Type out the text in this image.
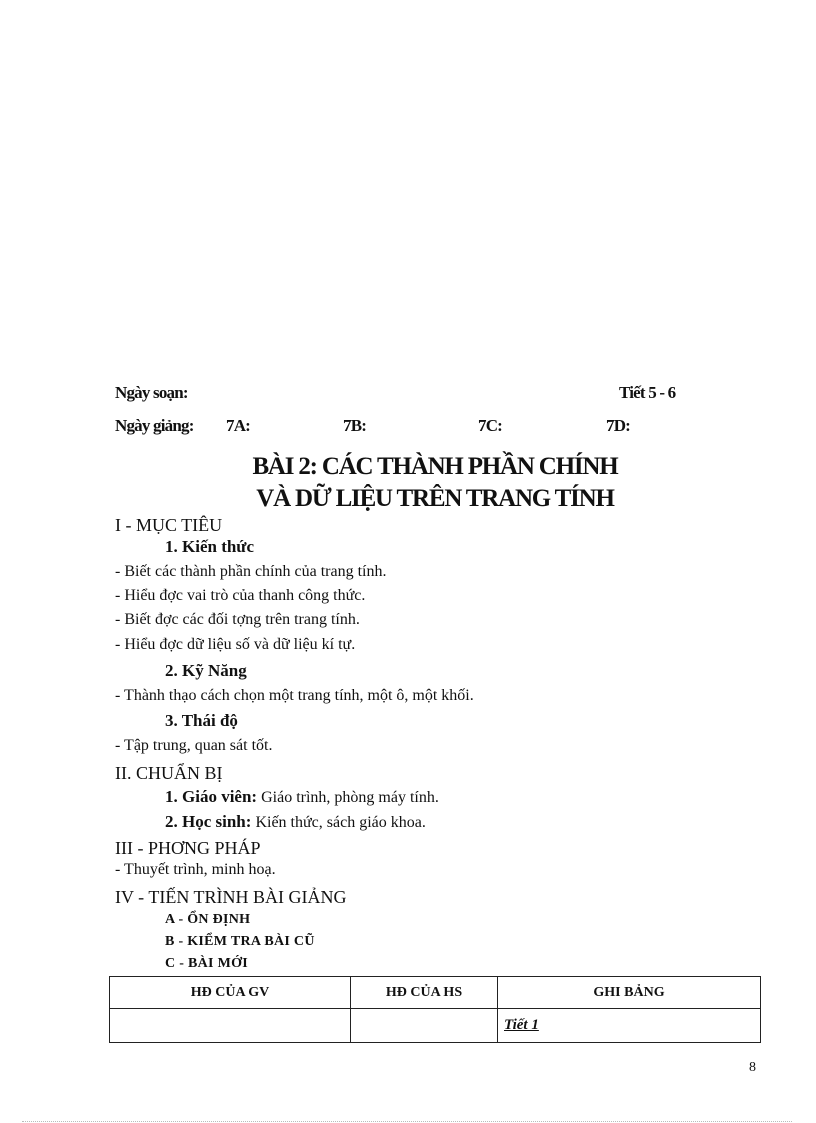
Ngày soạn:	Tiết 5 - 6
Ngày giảng: 7A:	7B:	7C:	7D:
BÀI 2: CÁC THÀNH PHẦN CHÍNH
VÀ DỮ LIỆU TRÊN TRANG TÍNH
I - MỤC TIÊU
1. Kiến thức
- Biết các thành phần chính của trang tính.
- Hiểu đợc vai trò của thanh công thức.
- Biết đợc các đối tợng trên trang tính.
- Hiểu đợc dữ liệu số và dữ liệu kí tự.
2. Kỹ Năng
- Thành thạo cách chọn một trang tính, một ô, một khối.
3. Thái độ
- Tập trung, quan sát tốt.
II. CHUẨN BỊ
1. Giáo viên: Giáo trình, phòng máy tính.
2. Học sinh: Kiến thức, sách giáo khoa.
III - PHƠNG PHÁP
- Thuyết trình, minh hoạ.
IV - TIẾN TRÌNH BÀI GIẢNG
A - ỔN ĐỊNH
B - KIỂM TRA BÀI CŨ
C - BÀI MỚI
HĐ CỦA GV	HĐ CỦA HS	GHI BẢNG
		Tiết 1
8
